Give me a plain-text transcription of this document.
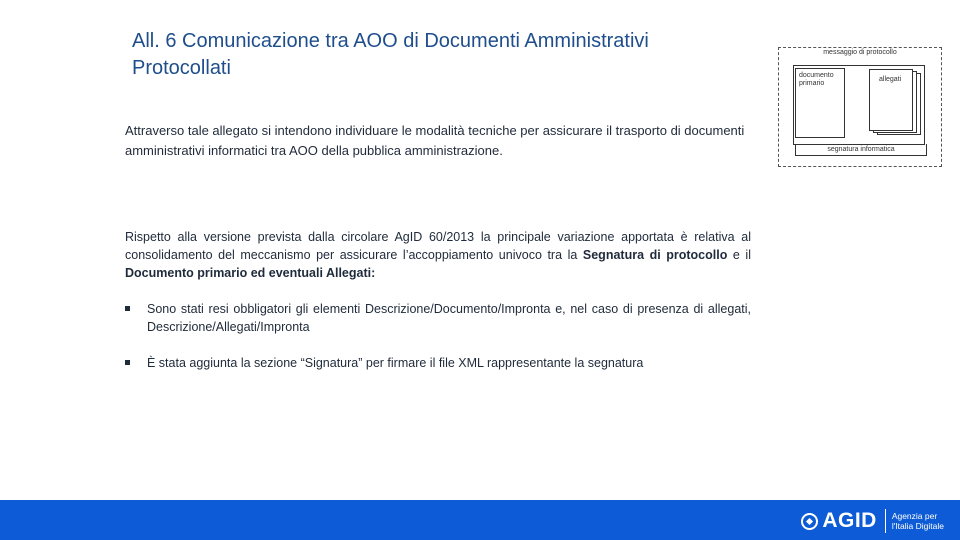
All. 6 Comunicazione tra AOO di Documenti Amministrativi Protocollati
Attraverso tale allegato si intendono individuare le modalità tecniche per assicurare il trasporto di documenti amministrativi informatici tra AOO della pubblica amministrazione.
Rispetto alla versione prevista dalla circolare AgID 60/2013 la principale variazione apportata è relativa al consolidamento del meccanismo per assicurare l’accoppiamento univoco tra la Segnatura di protocollo e il Documento primario ed eventuali Allegati:
Sono stati resi obbligatori gli elementi Descrizione/Documento/Impronta e, nel caso di presenza di allegati, Descrizione/Allegati/Impronta
È stata aggiunta la sezione “Signatura” per firmare il file XML rappresentante la segnatura
messaggio di protocollo
documento primario
allegati
segnatura informatica
AGID Agenzia per
l'Italia Digitale
